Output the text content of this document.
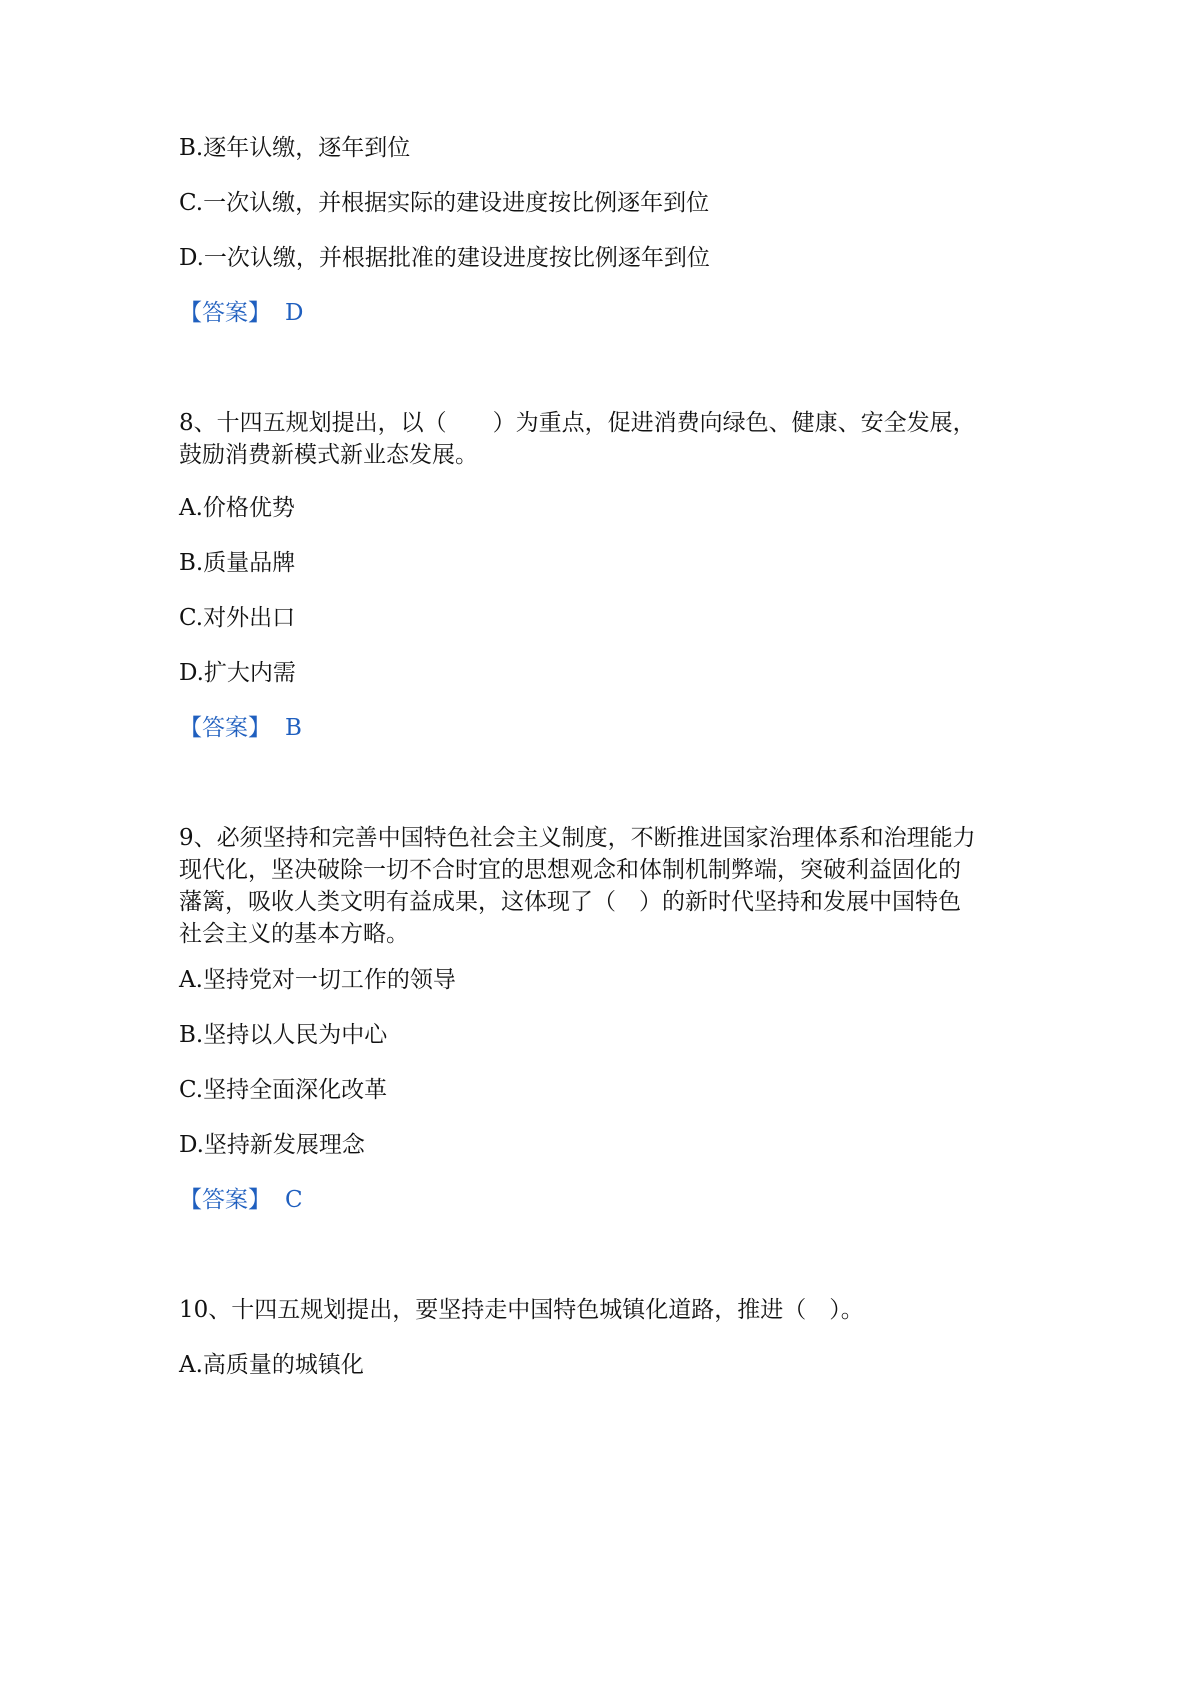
B.逐年认缴，逐年到位
C.一次认缴，并根据实际的建设进度按比例逐年到位
D.一次认缴，并根据批准的建设进度按比例逐年到位
【答案】 D
8、十四五规划提出，以（　　）为重点，促进消费向绿色、健康、安全发展，
鼓励消费新模式新业态发展。
A.价格优势
B.质量品牌
C.对外出口
D.扩大内需
【答案】 B
9、必须坚持和完善中国特色社会主义制度，不断推进国家治理体系和治理能力
现代化，坚决破除一切不合时宜的思想观念和体制机制弊端，突破利益固化的
藩篱，吸收人类文明有益成果，这体现了（　）的新时代坚持和发展中国特色
社会主义的基本方略。
A.坚持党对一切工作的领导
B.坚持以人民为中心
C.坚持全面深化改革
D.坚持新发展理念
【答案】 C
10、十四五规划提出，要坚持走中国特色城镇化道路，推进（　）。
A.高质量的城镇化
